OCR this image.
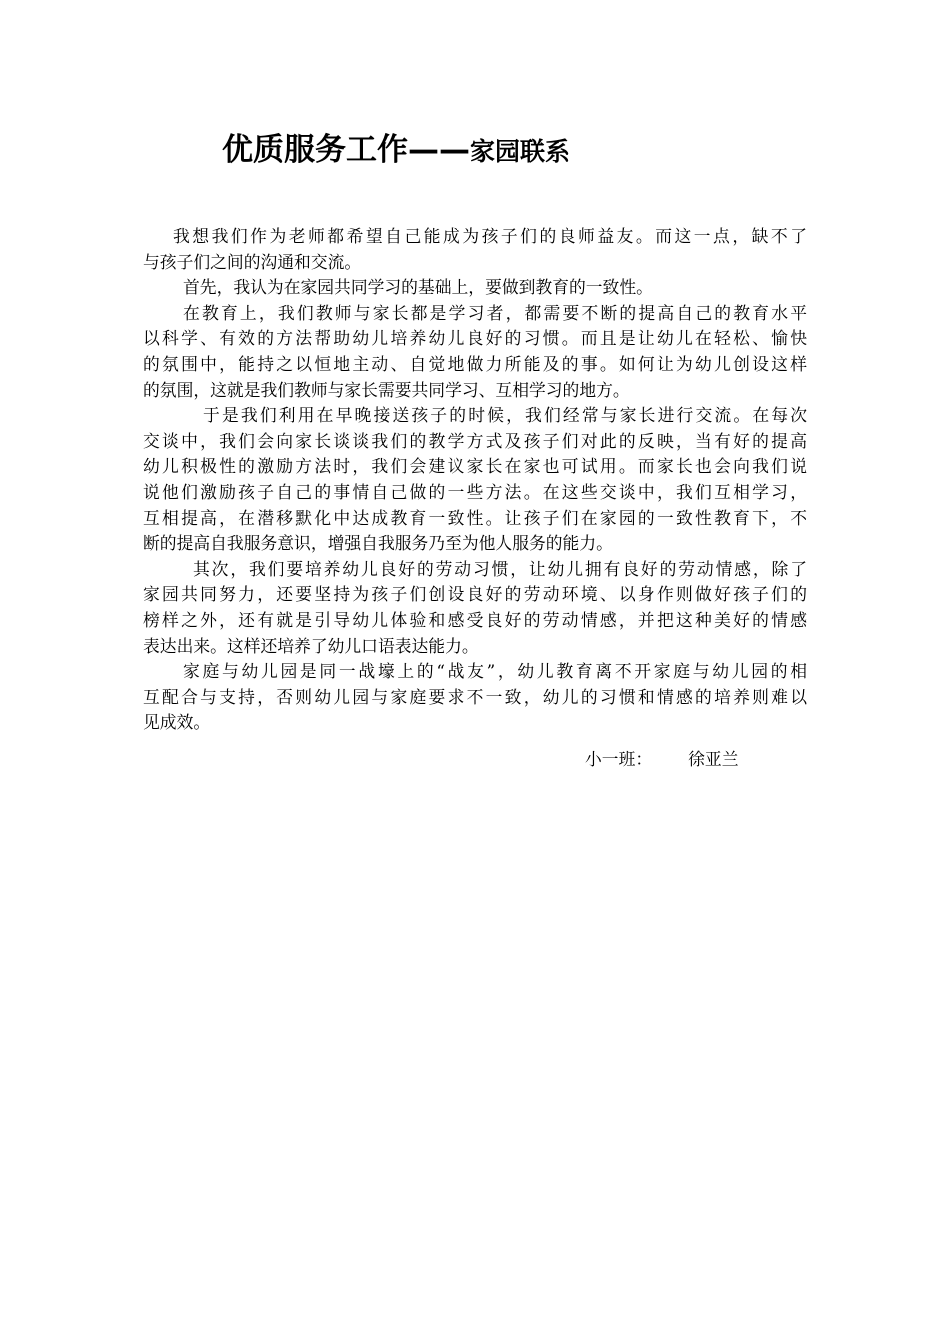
优质服务工作——家园联系
我想我们作为老师都希望自己能成为孩子们的良师益友。而这一点，缺不了
与孩子们之间的沟通和交流。
首先，我认为在家园共同学习的基础上，要做到教育的一致性。
在教育上，我们教师与家长都是学习者，都需要不断的提高自己的教育水平
以科学、有效的方法帮助幼儿培养幼儿良好的习惯。而且是让幼儿在轻松、愉快
的氛围中，能持之以恒地主动、自觉地做力所能及的事。如何让为幼儿创设这样
的氛围，这就是我们教师与家长需要共同学习、互相学习的地方。
于是我们利用在早晚接送孩子的时候，我们经常与家长进行交流。在每次
交谈中，我们会向家长谈谈我们的教学方式及孩子们对此的反映，当有好的提高
幼儿积极性的激励方法时，我们会建议家长在家也可试用。而家长也会向我们说
说他们激励孩子自己的事情自己做的一些方法。在这些交谈中，我们互相学习，
互相提高，在潜移默化中达成教育一致性。让孩子们在家园的一致性教育下，不
断的提高自我服务意识，增强自我服务乃至为他人服务的能力。
其次，我们要培养幼儿良好的劳动习惯，让幼儿拥有良好的劳动情感，除了
家园共同努力，还要坚持为孩子们创设良好的劳动环境、以身作则做好孩子们的
榜样之外，还有就是引导幼儿体验和感受良好的劳动情感，并把这种美好的情感
表达出来。这样还培养了幼儿口语表达能力。
家庭与幼儿园是同一战壕上的“战友”，幼儿教育离不开家庭与幼儿园的相
互配合与支持，否则幼儿园与家庭要求不一致，幼儿的习惯和情感的培养则难以
见成效。
小一班： 徐亚兰
